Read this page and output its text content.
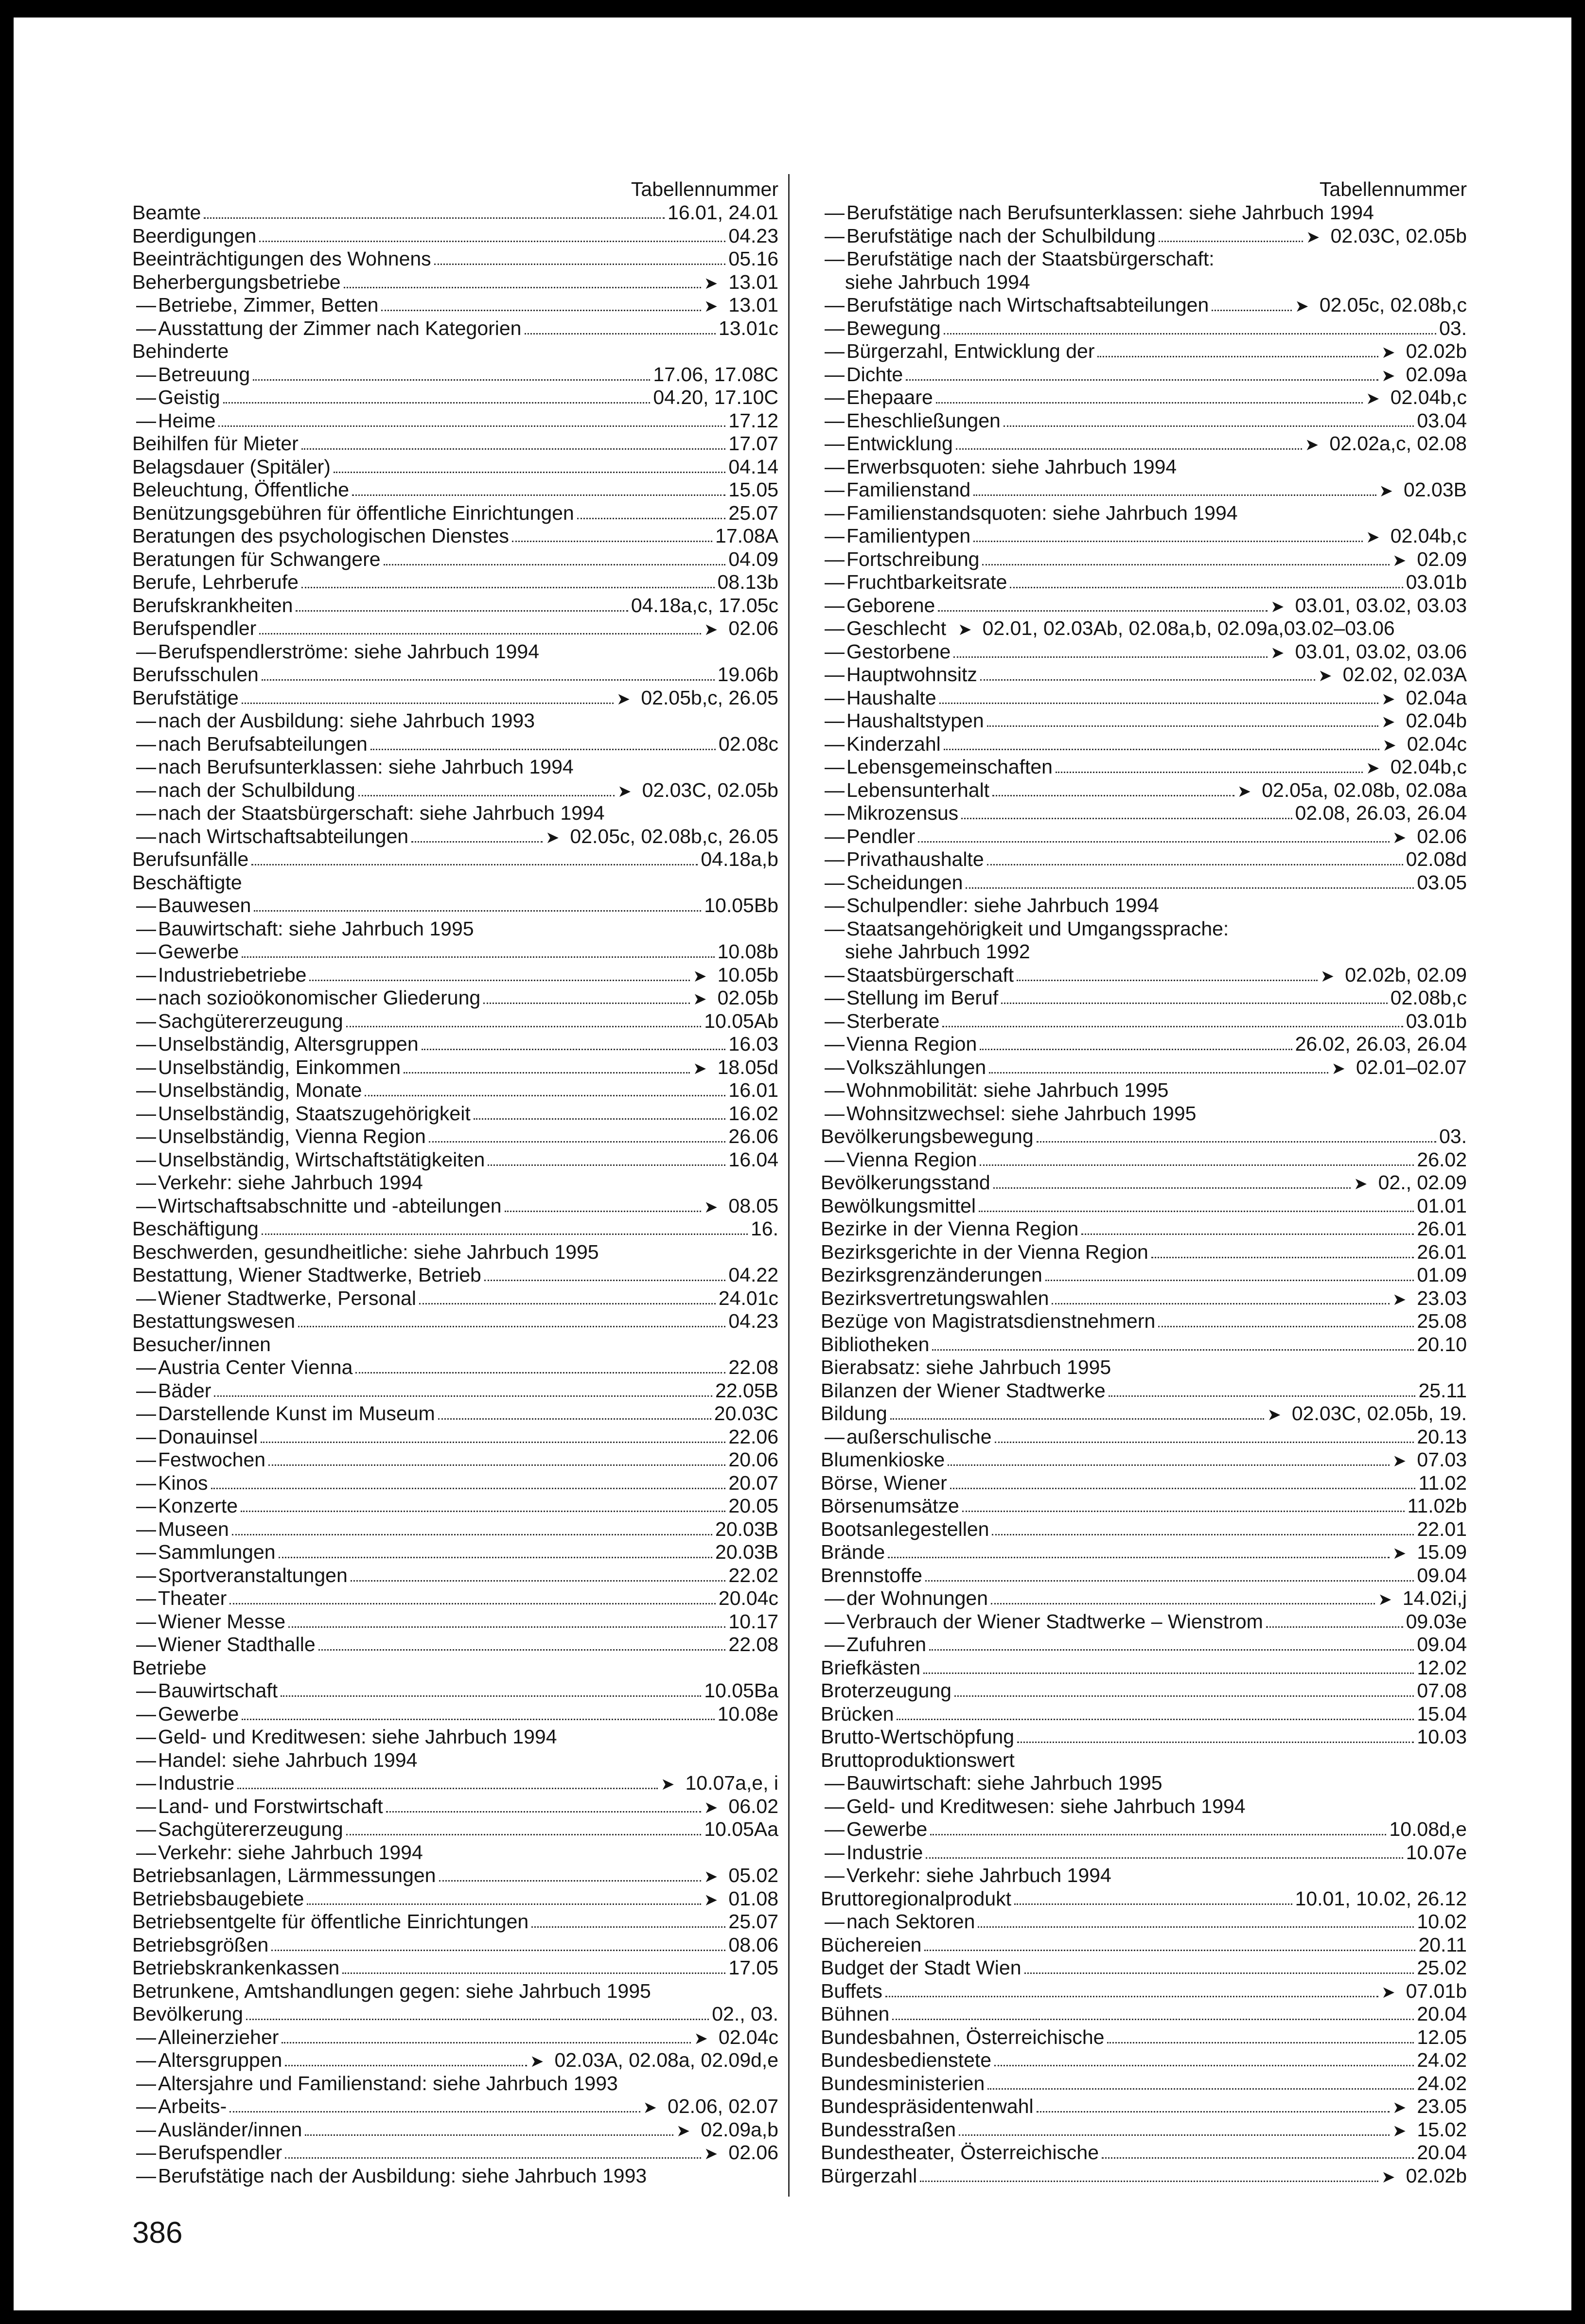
Tabellennummer
Beamte	16.01, 24.01
Beerdigungen	04.23
Beeinträchtigungen des Wohnens	05.16
Beherbergungsbetriebe	➤ 13.01
—Betriebe, Zimmer, Betten	➤ 13.01
—Ausstattung der Zimmer nach Kategorien	13.01c
Behinderte
—Betreuung	17.06, 17.08C
—Geistig	04.20, 17.10C
—Heime	17.12
Beihilfen für Mieter	17.07
Belagsdauer (Spitäler)	04.14
Beleuchtung, Öffentliche	15.05
Benützungsgebühren für öffentliche Einrichtungen	25.07
Beratungen des psychologischen Dienstes	17.08A
Beratungen für Schwangere	04.09
Berufe, Lehrberufe	08.13b
Berufskrankheiten	04.18a,c, 17.05c
Berufspendler	➤ 02.06
—Berufspendlerströme: siehe Jahrbuch 1994
Berufsschulen	19.06b
Berufstätige	➤ 02.05b,c, 26.05
—nach der Ausbildung: siehe Jahrbuch 1993
—nach Berufsabteilungen	02.08c
—nach Berufsunterklassen: siehe Jahrbuch 1994
—nach der Schulbildung	➤ 02.03C, 02.05b
—nach der Staatsbürgerschaft: siehe Jahrbuch 1994
—nach Wirtschaftsabteilungen	➤ 02.05c, 02.08b,c, 26.05
Berufsunfälle	04.18a,b
Beschäftigte
—Bauwesen	10.05Bb
—Bauwirtschaft: siehe Jahrbuch 1995
—Gewerbe	10.08b
—Industriebetriebe	➤ 10.05b
—nach sozioökonomischer Gliederung	➤ 02.05b
—Sachgütererzeugung	10.05Ab
—Unselbständig, Altersgruppen	16.03
—Unselbständig, Einkommen	➤ 18.05d
—Unselbständig, Monate	16.01
—Unselbständig, Staatszugehörigkeit	16.02
—Unselbständig, Vienna Region	26.06
—Unselbständig, Wirtschaftstätigkeiten	16.04
—Verkehr: siehe Jahrbuch 1994
—Wirtschaftsabschnitte und -abteilungen	➤ 08.05
Beschäftigung	16.
Beschwerden, gesundheitliche: siehe Jahrbuch 1995
Bestattung, Wiener Stadtwerke, Betrieb	04.22
—Wiener Stadtwerke, Personal	24.01c
Bestattungswesen	04.23
Besucher/innen
—Austria Center Vienna	22.08
—Bäder	22.05B
—Darstellende Kunst im Museum	20.03C
—Donauinsel	22.06
—Festwochen	20.06
—Kinos	20.07
—Konzerte	20.05
—Museen	20.03B
—Sammlungen	20.03B
—Sportveranstaltungen	22.02
—Theater	20.04c
—Wiener Messe	10.17
—Wiener Stadthalle	22.08
Betriebe
—Bauwirtschaft	10.05Ba
—Gewerbe	10.08e
—Geld- und Kreditwesen: siehe Jahrbuch 1994
—Handel: siehe Jahrbuch 1994
—Industrie	➤ 10.07a,e, i
—Land- und Forstwirtschaft	➤ 06.02
—Sachgütererzeugung	10.05Aa
—Verkehr: siehe Jahrbuch 1994
Betriebsanlagen, Lärmmessungen	➤ 05.02
Betriebsbaugebiete	➤ 01.08
Betriebsentgelte für öffentliche Einrichtungen	25.07
Betriebsgrößen	08.06
Betriebskrankenkassen	17.05
Betrunkene, Amtshandlungen gegen: siehe Jahrbuch 1995
Bevölkerung	02., 03.
—Alleinerzieher	➤ 02.04c
—Altersgruppen	➤ 02.03A, 02.08a, 02.09d,e
—Altersjahre und Familienstand: siehe Jahrbuch 1993
—Arbeits-	➤ 02.06, 02.07
—Ausländer/innen	➤ 02.09a,b
—Berufspendler	➤ 02.06
—Berufstätige nach der Ausbildung: siehe Jahrbuch 1993
Tabellennummer
—Berufstätige nach Berufsunterklassen: siehe Jahrbuch 1994
—Berufstätige nach der Schulbildung	➤ 02.03C, 02.05b
—Berufstätige nach der Staatsbürgerschaft:
siehe Jahrbuch 1994
—Berufstätige nach Wirtschaftsabteilungen	➤ 02.05c, 02.08b,c
—Bewegung	03.
—Bürgerzahl, Entwicklung der	➤ 02.02b
—Dichte	➤ 02.09a
—Ehepaare	➤ 02.04b,c
—Eheschließungen	03.04
—Entwicklung	➤ 02.02a,c, 02.08
—Erwerbsquoten: siehe Jahrbuch 1994
—Familienstand	➤ 02.03B
—Familienstandsquoten: siehe Jahrbuch 1994
—Familientypen	➤ 02.04b,c
—Fortschreibung	➤ 02.09
—Fruchtbarkeitsrate	03.01b
—Geborene	➤ 03.01, 03.02, 03.03
—Geschlecht ➤ 02.01, 02.03Ab, 02.08a,b, 02.09a,03.02–03.06
—Gestorbene	➤ 03.01, 03.02, 03.06
—Hauptwohnsitz	➤ 02.02, 02.03A
—Haushalte	➤ 02.04a
—Haushaltstypen	➤ 02.04b
—Kinderzahl	➤ 02.04c
—Lebensgemeinschaften	➤ 02.04b,c
—Lebensunterhalt	➤ 02.05a, 02.08b, 02.08a
—Mikrozensus	02.08, 26.03, 26.04
—Pendler	➤ 02.06
—Privathaushalte	02.08d
—Scheidungen	03.05
—Schulpendler: siehe Jahrbuch 1994
—Staatsangehörigkeit und Umgangssprache:
siehe Jahrbuch 1992
—Staatsbürgerschaft	➤ 02.02b, 02.09
—Stellung im Beruf	02.08b,c
—Sterberate	03.01b
—Vienna Region	26.02, 26.03, 26.04
—Volkszählungen	➤ 02.01–02.07
—Wohnmobilität: siehe Jahrbuch 1995
—Wohnsitzwechsel: siehe Jahrbuch 1995
Bevölkerungsbewegung	03.
—Vienna Region	26.02
Bevölkerungsstand	➤ 02., 02.09
Bewölkungsmittel	01.01
Bezirke in der Vienna Region	26.01
Bezirksgerichte in der Vienna Region	26.01
Bezirksgrenzänderungen	01.09
Bezirksvertretungswahlen	➤ 23.03
Bezüge von Magistratsdienstnehmern	25.08
Bibliotheken	20.10
Bierabsatz: siehe Jahrbuch 1995
Bilanzen der Wiener Stadtwerke	25.11
Bildung	➤ 02.03C, 02.05b, 19.
—außerschulische	20.13
Blumenkioske	➤ 07.03
Börse, Wiener	11.02
Börsenumsätze	11.02b
Bootsanlegestellen	22.01
Brände	➤ 15.09
Brennstoffe	09.04
—der Wohnungen	➤ 14.02i,j
—Verbrauch der Wiener Stadtwerke – Wienstrom	09.03e
—Zufuhren	09.04
Briefkästen	12.02
Broterzeugung	07.08
Brücken	15.04
Brutto-Wertschöpfung	10.03
Bruttoproduktionswert
—Bauwirtschaft: siehe Jahrbuch 1995
—Geld- und Kreditwesen: siehe Jahrbuch 1994
—Gewerbe	10.08d,e
—Industrie	10.07e
—Verkehr: siehe Jahrbuch 1994
Bruttoregionalprodukt	10.01, 10.02, 26.12
—nach Sektoren	10.02
Büchereien	20.11
Budget der Stadt Wien	25.02
Buffets	➤ 07.01b
Bühnen	20.04
Bundesbahnen, Österreichische	12.05
Bundesbedienstete	24.02
Bundesministerien	24.02
Bundespräsidentenwahl	➤ 23.05
Bundesstraßen	➤ 15.02
Bundestheater, Österreichische	20.04
Bürgerzahl	➤ 02.02b
386
